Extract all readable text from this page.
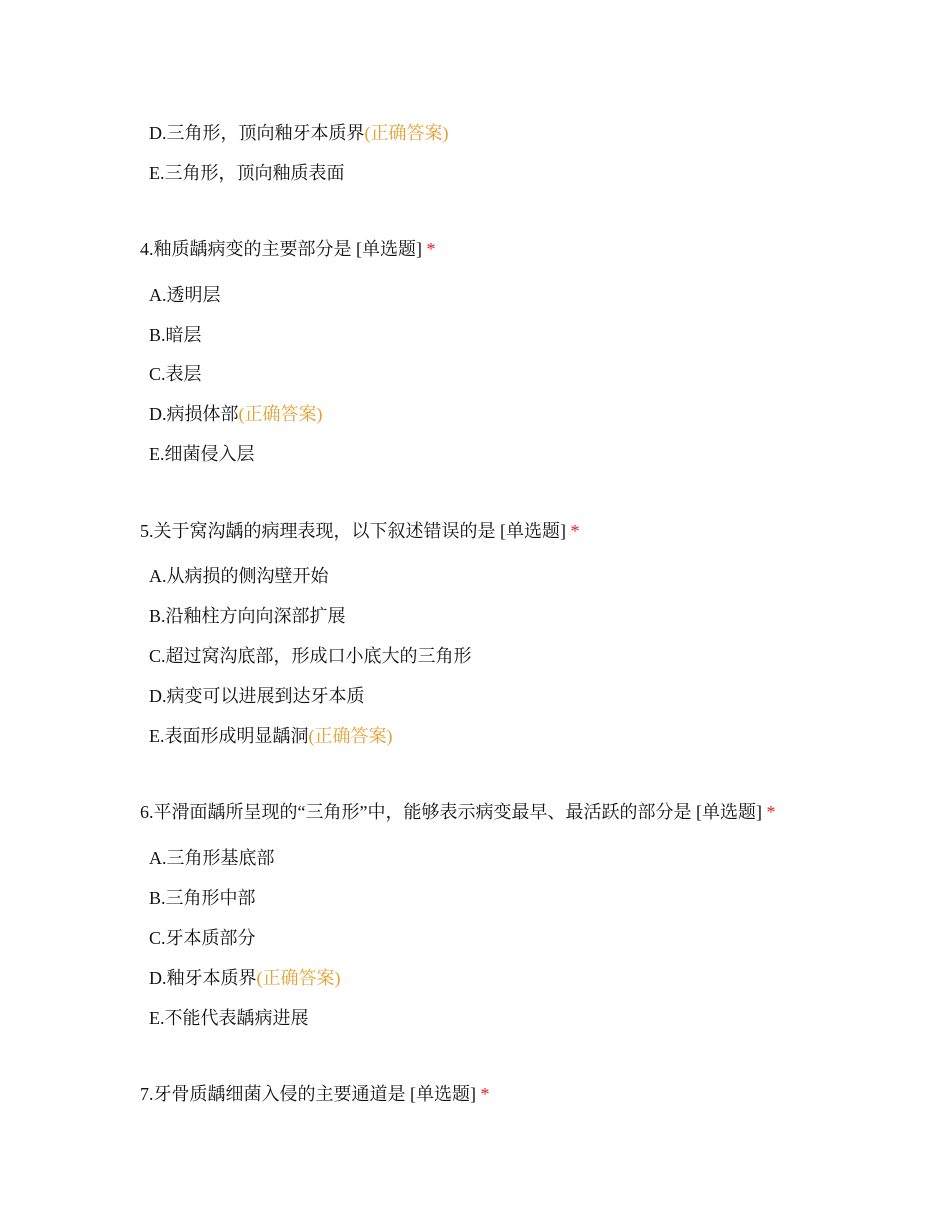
D.三角形，顶向釉牙本质界(正确答案)
E.三角形，顶向釉质表面
4.釉质龋病变的主要部分是 [单选题] *
A.透明层
B.暗层
C.表层
D.病损体部(正确答案)
E.细菌侵入层
5.关于窝沟龋的病理表现，以下叙述错误的是 [单选题] *
A.从病损的侧沟壁开始
B.沿釉柱方向向深部扩展
C.超过窝沟底部，形成口小底大的三角形
D.病变可以进展到达牙本质
E.表面形成明显龋洞(正确答案)
6.平滑面龋所呈现的“三角形”中，能够表示病变最早、最活跃的部分是 [单选题] *
A.三角形基底部
B.三角形中部
C.牙本质部分
D.釉牙本质界(正确答案)
E.不能代表龋病进展
7.牙骨质龋细菌入侵的主要通道是 [单选题] *
